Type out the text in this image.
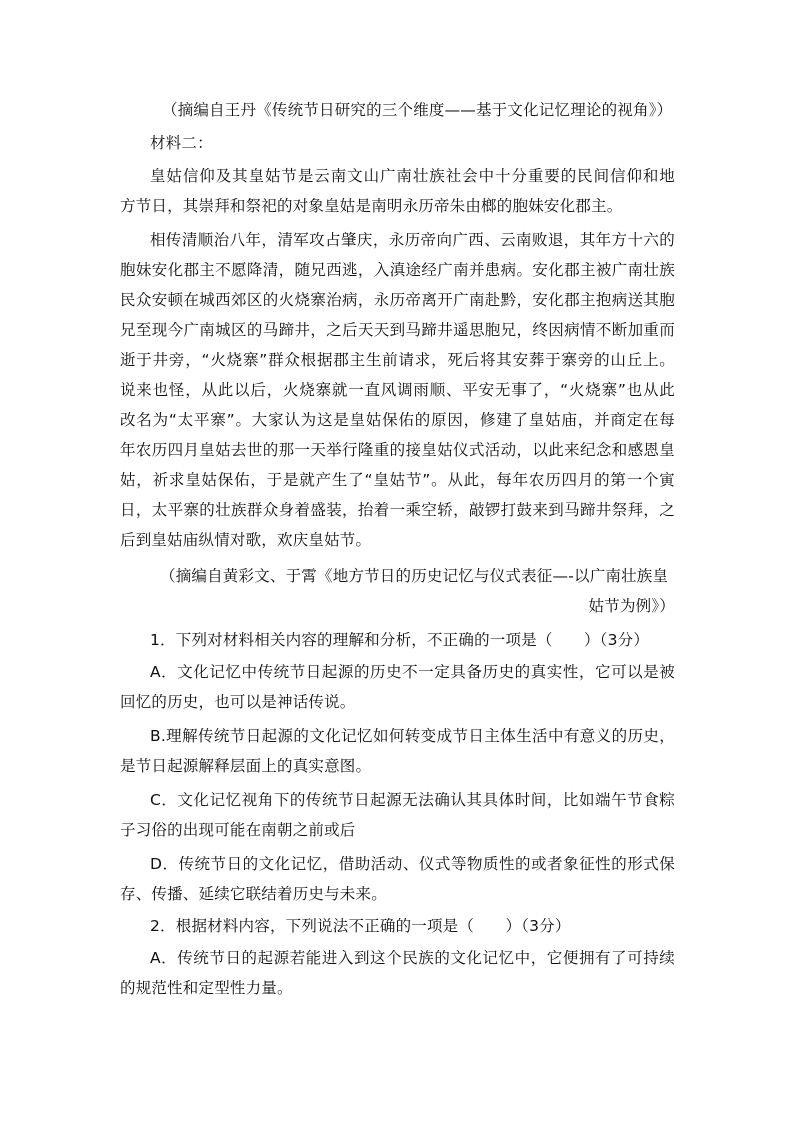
（摘编自王丹《传统节日研究的三个维度——基于文化记忆理论的视角》）
材料二：
皇姑信仰及其皇姑节是云南文山广南壮族社会中十分重要的民间信仰和地
方节日，其崇拜和祭祀的对象皇姑是南明永历帝朱由榔的胞妹安化郡主。
相传清顺治八年，清军攻占肇庆，永历帝向广西、云南败退，其年方十六的
胞妹安化郡主不愿降清，随兄西逃，入滇途经广南并患病。安化郡主被广南壮族
民众安顿在城西郊区的火烧寨治病，永历帝离开广南赴黔，安化郡主抱病送其胞
兄至现今广南城区的马蹄井，之后天天到马蹄井遥思胞兄，终因病情不断加重而
逝于井旁，“火烧寨”群众根据郡主生前请求，死后将其安葬于寨旁的山丘上。
说来也怪，从此以后，火烧寨就一直风调雨顺、平安无事了，“火烧寨”也从此
改名为“太平寨”。大家认为这是皇姑保佑的原因，修建了皇姑庙，并商定在每
年农历四月皇姑去世的那一天举行隆重的接皇姑仪式活动，以此来纪念和感恩皇
姑，祈求皇姑保佑，于是就产生了“皇姑节”。从此，每年农历四月的第一个寅
日，太平寨的壮族群众身着盛装，抬着一乘空轿，敲锣打鼓来到马蹄井祭拜，之
后到皇姑庙纵情对歌，欢庆皇姑节。
（摘编自黄彩文、于霄《地方节日的历史记忆与仪式表征—-以广南壮族皇
姑节为例》）
1．下列对材料相关内容的理解和分析，不正确的一项是（　　）（3分）
A．文化记忆中传统节日起源的历史不一定具备历史的真实性，它可以是被
回忆的历史，也可以是神话传说。
B.理解传统节日起源的文化记忆如何转变成节日主体生活中有意义的历史，
是节日起源解释层面上的真实意图。
C．文化记忆视角下的传统节日起源无法确认其具体时间，比如端午节食粽
子习俗的出现可能在南朝之前或后
D．传统节日的文化记忆，借助活动、仪式等物质性的或者象征性的形式保
存、传播、延续它联结着历史与未来。
2．根据材料内容，下列说法不正确的一项是（　　）（3分）
A．传统节日的起源若能进入到这个民族的文化记忆中，它便拥有了可持续
的规范性和定型性力量。
